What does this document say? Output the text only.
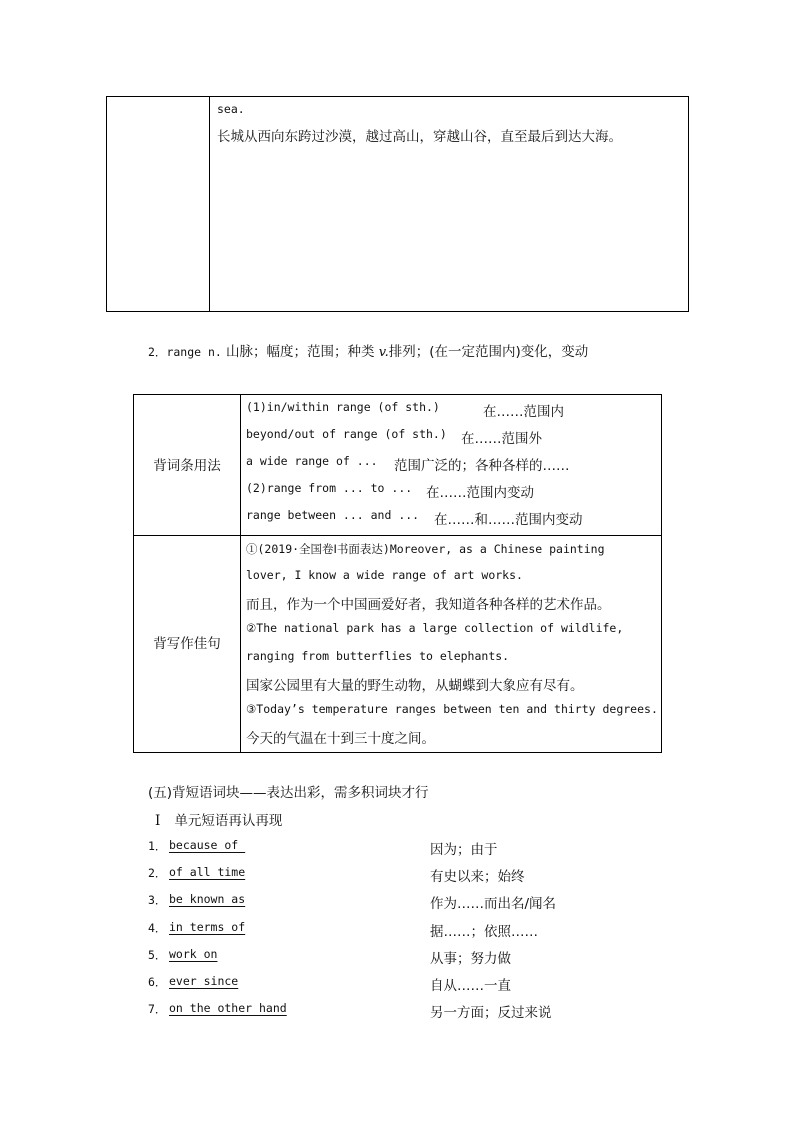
sea.
长城从西向东跨过沙漠，越过高山，穿越山谷，直至最后到达大海。
2．range n. 山脉；幅度；范围；种类 v.排列；(在一定范围内)变化，变动
背词条用法
(1)in/within range (of sth.)	在……范围内
beyond/out of range (of sth.) 在……范围外
a wide range of ... 范围广泛的；各种各样的……
(2)range from ... to ... 在……范围内变动
range between ... and ... 在……和……范围内变动
背写作佳句
①(2019·全国卷Ⅰ书面表达)Moreover, as a Chinese painting
lover, I know a wide range of art works.
而且，作为一个中国画爱好者，我知道各种各样的艺术作品。
②The national park has a large collection of wildlife,
ranging from butterflies to elephants.
国家公园里有大量的野生动物，从蝴蝶到大象应有尽有。
③Today’s temperature ranges between ten and thirty degrees.
今天的气温在十到三十度之间。
(五)背短语词块——表达出彩，需多积词块才行
Ⅰ 单元短语再认再现
1． because of	因为；由于
2． of all time	有史以来；始终
3． be known as	作为……而出名/闻名
4． in terms of	据……；依照……
5． work on	从事；努力做
6． ever since	自从……一直
7． on the other hand	另一方面；反过来说
